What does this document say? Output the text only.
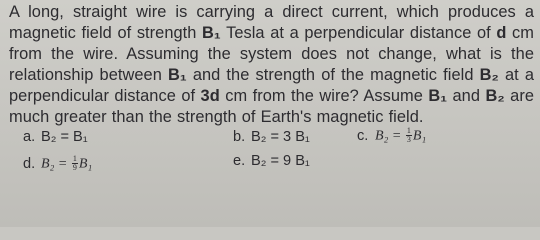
A long, straight wire is carrying a direct current, which produces a magnetic field of strength B₁ Tesla at a perpendicular distance of d cm from the wire. Assuming the system does not change, what is the relationship between B₁ and the strength of the magnetic field B₂ at a perpendicular distance of 3d cm from the wire? Assume B₁ and B₂ are much greater than the strength of Earth's magnetic field.

a. B₂ = B₁	b. B₂ = 3 B₁	c. $B_2 = \frac{1}{3} B_1$
d. $B_2 = \frac{1}{9} B_1$	e. B₂ = 9 B₁
